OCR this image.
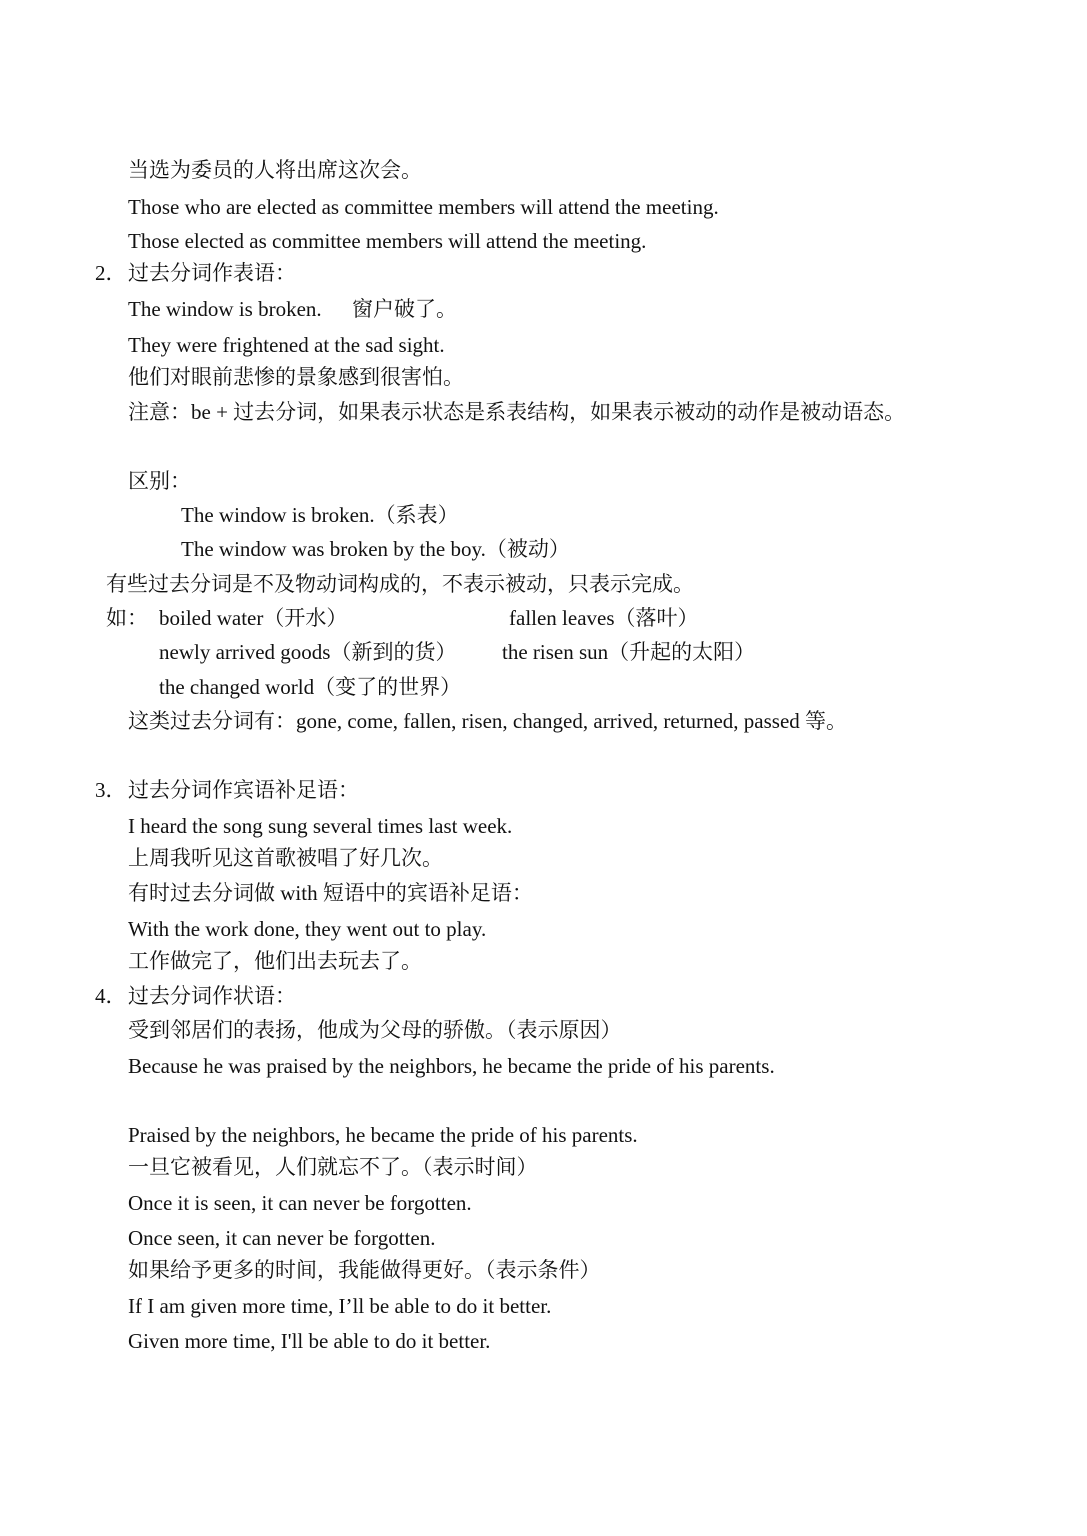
当选为委员的人将出席这次会。
Those who are elected as committee members will attend the meeting.
Those elected as committee members will attend the meeting.
2． 过去分词作表语：
The window is broken. 窗户破了。
They were frightened at the sad sight.
他们对眼前悲惨的景象感到很害怕。
注意：be + 过去分词，如果表示状态是系表结构，如果表示被动的动作是被动语态。
区别：
The window is broken.（系表）
The window was broken by the boy.（被动）
有些过去分词是不及物动词构成的，不表示被动，只表示完成。
如： boiled water（开水）	fallen leaves（落叶）
newly arrived goods（新到的货） the risen sun（升起的太阳）
the changed world（变了的世界）
这类过去分词有：gone, come, fallen, risen, changed, arrived, returned, passed 等。
3． 过去分词作宾语补足语：
I heard the song sung several times last week.
上周我听见这首歌被唱了好几次。
有时过去分词做 with 短语中的宾语补足语：
With the work done, they went out to play.
工作做完了，他们出去玩去了。
4． 过去分词作状语：
受到邻居们的表扬，他成为父母的骄傲。（表示原因）
Because he was praised by the neighbors, he became the pride of his parents.
Praised by the neighbors, he became the pride of his parents.
一旦它被看见，人们就忘不了。（表示时间）
Once it is seen, it can never be forgotten.
Once seen, it can never be forgotten.
如果给予更多的时间，我能做得更好。（表示条件）
If I am given more time, I’ll be able to do it better.
Given more time, I'll be able to do it better.
